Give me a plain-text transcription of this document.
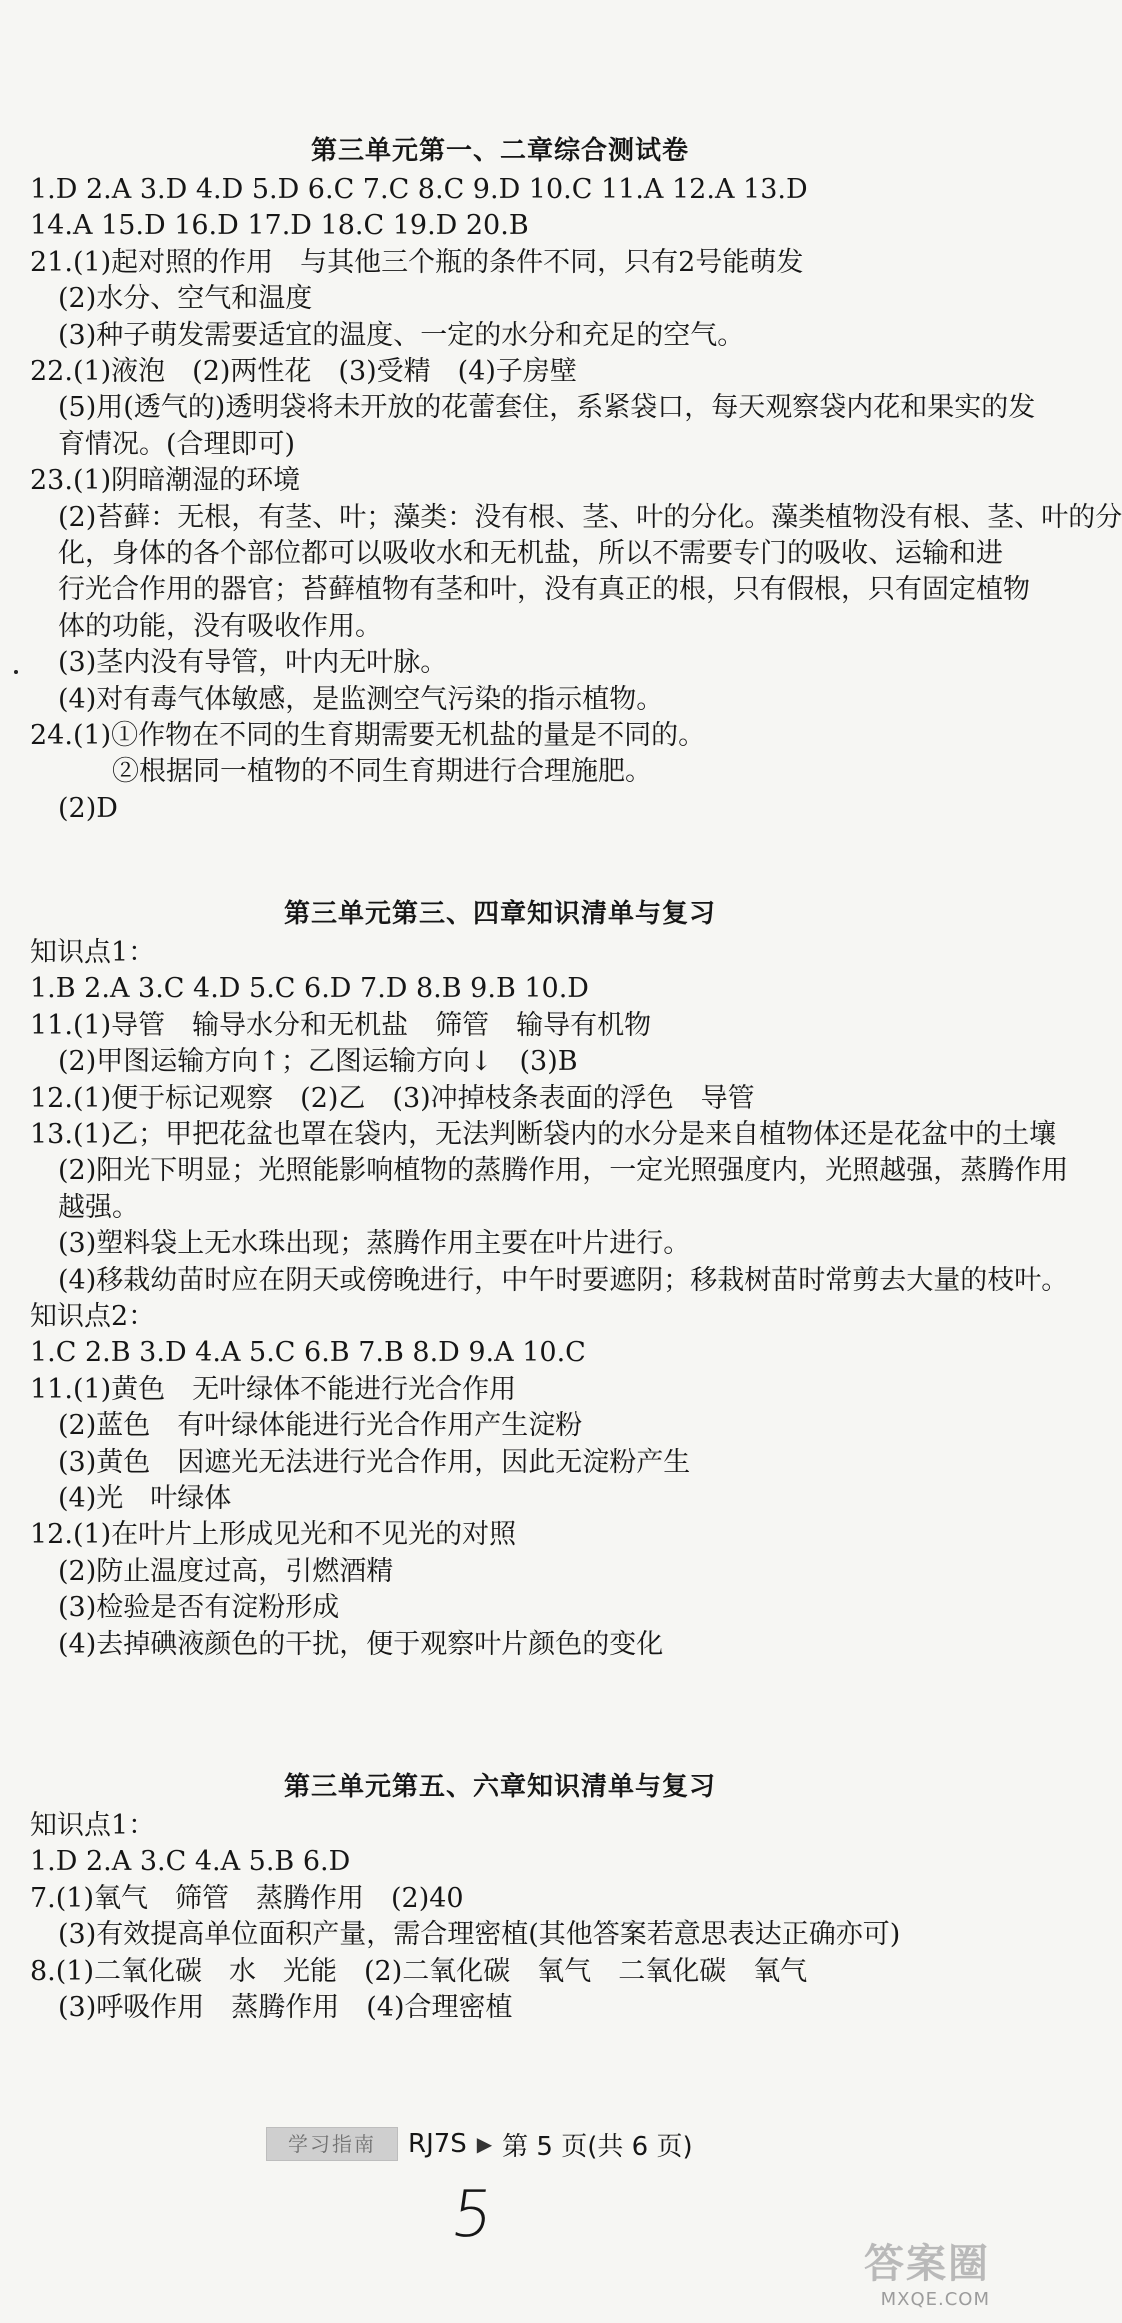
第三单元第一、二章综合测试卷
1.D 2.A 3.D 4.D 5.D 6.C 7.C 8.C 9.D 10.C 11.A 12.A 13.D
14.A 15.D 16.D 17.D 18.C 19.D 20.B
21.(1)起对照的作用　与其他三个瓶的条件不同，只有2号能萌发
(2)水分、空气和温度
(3)种子萌发需要适宜的温度、一定的水分和充足的空气。
22.(1)液泡　(2)两性花　(3)受精　(4)子房壁
(5)用(透气的)透明袋将未开放的花蕾套住，系紧袋口，每天观察袋内花和果实的发
育情况。(合理即可)
23.(1)阴暗潮湿的环境
(2)苔藓：无根，有茎、叶；藻类：没有根、茎、叶的分化。藻类植物没有根、茎、叶的分
化，身体的各个部位都可以吸收水和无机盐，所以不需要专门的吸收、运输和进
行光合作用的器官；苔藓植物有茎和叶，没有真正的根，只有假根，只有固定植物
体的功能，没有吸收作用。
(3)茎内没有导管，叶内无叶脉。
(4)对有毒气体敏感，是监测空气污染的指示植物。
24.(1)①作物在不同的生育期需要无机盐的量是不同的。
　　②根据同一植物的不同生育期进行合理施肥。
(2)D
第三单元第三、四章知识清单与复习
知识点1：
1.B 2.A 3.C 4.D 5.C 6.D 7.D 8.B 9.B 10.D
11.(1)导管　输导水分和无机盐　筛管　输导有机物
(2)甲图运输方向↑；乙图运输方向↓　(3)B
12.(1)便于标记观察　(2)乙　(3)冲掉枝条表面的浮色　导管
13.(1)乙；甲把花盆也罩在袋内，无法判断袋内的水分是来自植物体还是花盆中的土壤
(2)阳光下明显；光照能影响植物的蒸腾作用，一定光照强度内，光照越强，蒸腾作用
越强。
(3)塑料袋上无水珠出现；蒸腾作用主要在叶片进行。
(4)移栽幼苗时应在阴天或傍晚进行，中午时要遮阴；移栽树苗时常剪去大量的枝叶。
知识点2：
1.C 2.B 3.D 4.A 5.C 6.B 7.B 8.D 9.A 10.C
11.(1)黄色　无叶绿体不能进行光合作用
(2)蓝色　有叶绿体能进行光合作用产生淀粉
(3)黄色　因遮光无法进行光合作用，因此无淀粉产生
(4)光　叶绿体
12.(1)在叶片上形成见光和不见光的对照
(2)防止温度过高，引燃酒精
(3)检验是否有淀粉形成
(4)去掉碘液颜色的干扰，便于观察叶片颜色的变化
第三单元第五、六章知识清单与复习
知识点1：
1.D 2.A 3.C 4.A 5.B 6.D
7.(1)氧气　筛管　蒸腾作用　(2)40
(3)有效提高单位面积产量，需合理密植(其他答案若意思表达正确亦可)
8.(1)二氧化碳　水　光能　(2)二氧化碳　氧气　二氧化碳　氧气
(3)呼吸作用　蒸腾作用　(4)合理密植
学习指南	RJ7S ▶ 第 5 页(共 6 页)
5
答案圈
MXQE.COM
